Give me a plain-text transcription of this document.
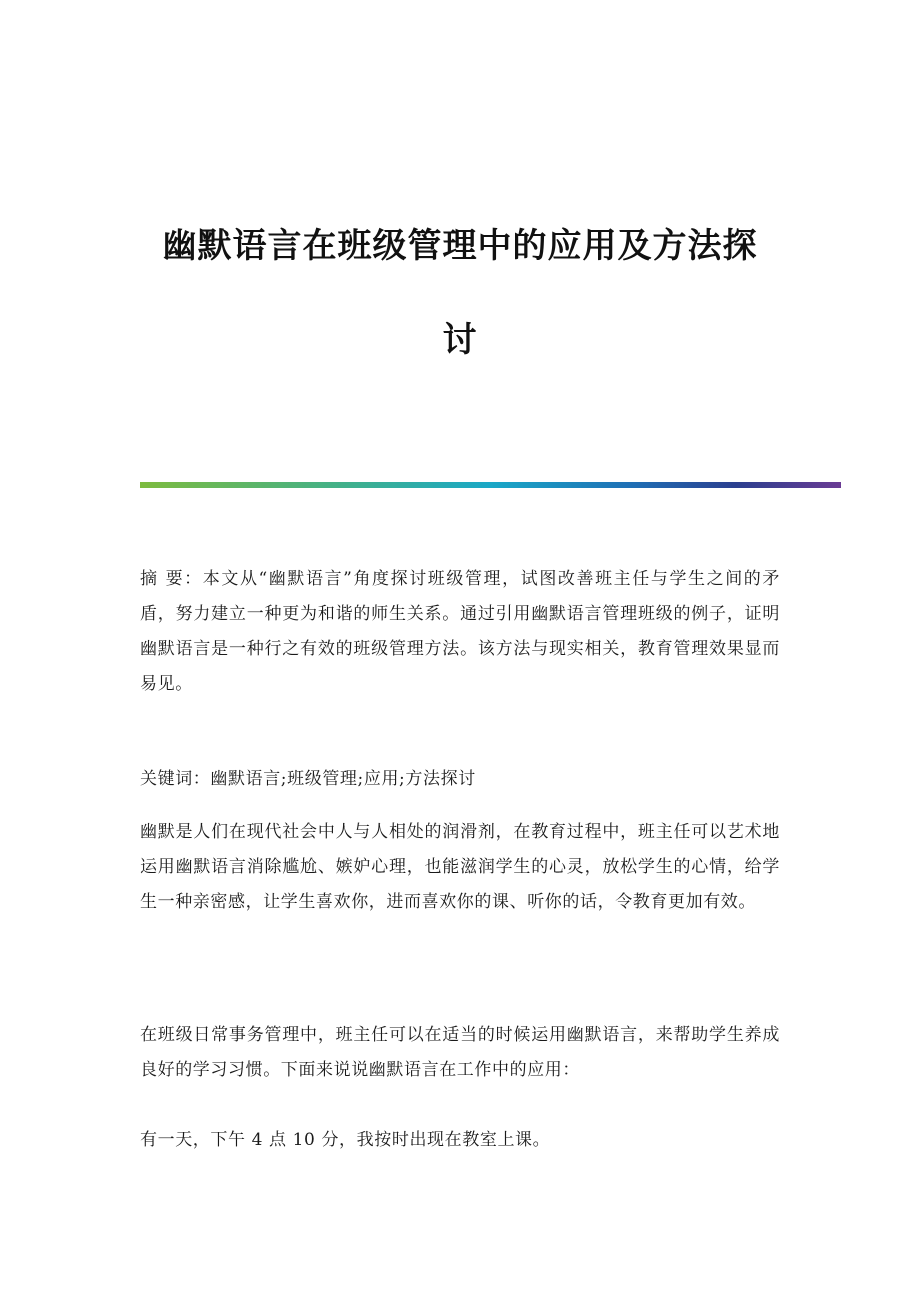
幽默语言在班级管理中的应用及方法探
讨

摘 要：本文从“幽默语言”角度探讨班级管理，试图改善班主任与学生之间的矛盾，努力建立一种更为和谐的师生关系。通过引用幽默语言管理班级的例子，证明幽默语言是一种行之有效的班级管理方法。该方法与现实相关，教育管理效果显而易见。

关键词：幽默语言;班级管理;应用;方法探讨

幽默是人们在现代社会中人与人相处的润滑剂，在教育过程中，班主任可以艺术地运用幽默语言消除尴尬、嫉妒心理，也能滋润学生的心灵，放松学生的心情，给学生一种亲密感，让学生喜欢你，进而喜欢你的课、听你的话，令教育更加有效。

在班级日常事务管理中，班主任可以在适当的时候运用幽默语言，来帮助学生养成良好的学习习惯。下面来说说幽默语言在工作中的应用：

有一天，下午 4 点 10 分，我按时出现在教室上课。
